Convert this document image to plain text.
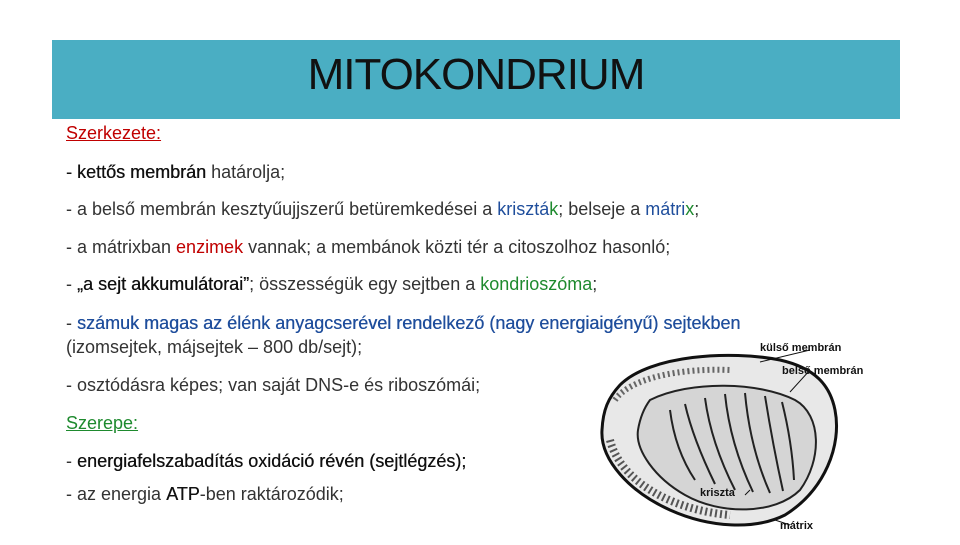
MITOKONDRIUM
Szerkezete:
- kettős membrán határolja;
- a belső membrán kesztyűujjszerű betüremkedései a kriszták; belseje a mátrix;
- a mátrixban enzimek vannak; a membánok közti tér a citoszolhoz hasonló;
- „a sejt akkumulátorai”; összességük egy sejtben a kondrioszóma;
- számuk magas az élénk anyagcserével rendelkező (nagy energiaigényű) sejtekben
(izomsejtek, májsejtek – 800 db/sejt);
- osztódásra képes; van saját DNS-e és riboszómái;
Szerepe:
- energiafelszabadítás oxidáció révén (sejtlégzés);
- az energia ATP-ben raktározódik;
külső membrán
belső membrán
kriszta
mátrix
